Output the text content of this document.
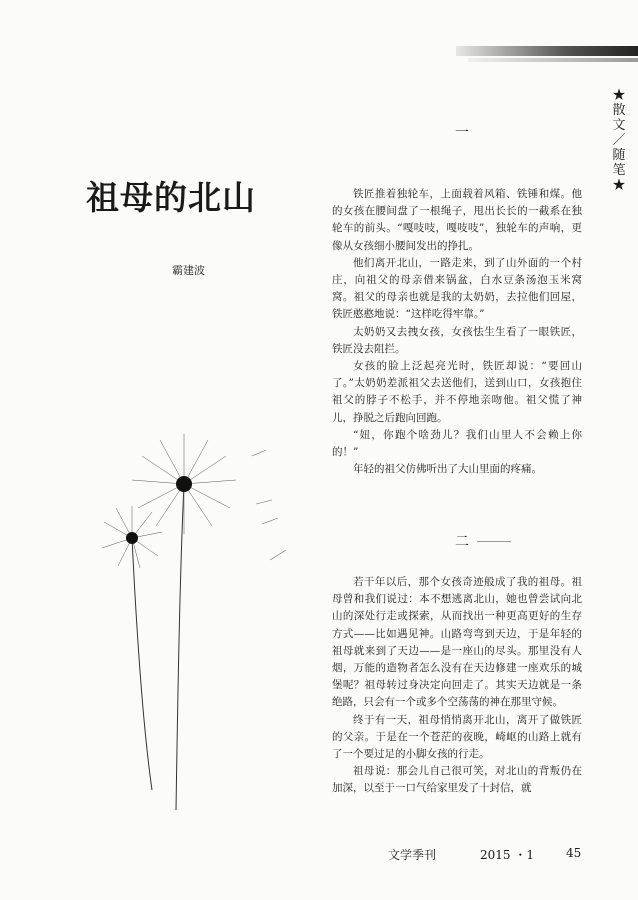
★散文／随笔★
祖母的北山
霸建波
一
二

铁匠推着独轮车，上面载着风箱、铁锤和煤。他的女孩在腰间盘了一根绳子，甩出长长的一截系在独轮车的前头。“嘎吱吱，嘎吱吱”，独轮车的声响，更像从女孩细小腰间发出的挣扎。

他们离开北山，一路走来，到了山外面的一个村庄，向祖父的母亲借来锅盆，白水豆条汤泡玉米窝窝。祖父的母亲也就是我的太奶奶，去拉他们回屋，铁匠憨憨地说：“这样吃得牢靠。”

太奶奶又去拽女孩，女孩怯生生看了一眼铁匠，铁匠没去阻拦。

女孩的脸上泛起亮光时，铁匠却说：“要回山了。”太奶奶差派祖父去送他们，送到山口，女孩抱住祖父的脖子不松手，并不停地亲吻他。祖父慌了神儿，挣脱之后跑向回跑。

“妞，你跑个啥劲儿？我们山里人不会赖上你的！”

年轻的祖父仿佛听出了大山里面的疼痛。

若干年以后，那个女孩奇迹般成了我的祖母。祖母曾和我们说过：本不想逃离北山，她也曾尝试向北山的深处行走或探索，从而找出一种更高更好的生存方式——比如遇见神。山路弯弯到天边，于是年轻的祖母就来到了天边——是一座山的尽头。那里没有人烟，万能的造物者怎么没有在天边修建一座欢乐的城堡呢？祖母转过身决定向回走了。其实天边就是一条绝路，只会有一个或多个空荡荡的神在那里守候。

终于有一天，祖母悄悄离开北山，离开了做铁匠的父亲。于是在一个苍茫的夜晚，崎岖的山路上就有了一个要过足的小脚女孩的行走。

祖母说：那会儿自己很可笑，对北山的背叛仍在加深，以至于一口气给家里发了十封信，就

文学季刊	2015 ・1	45
